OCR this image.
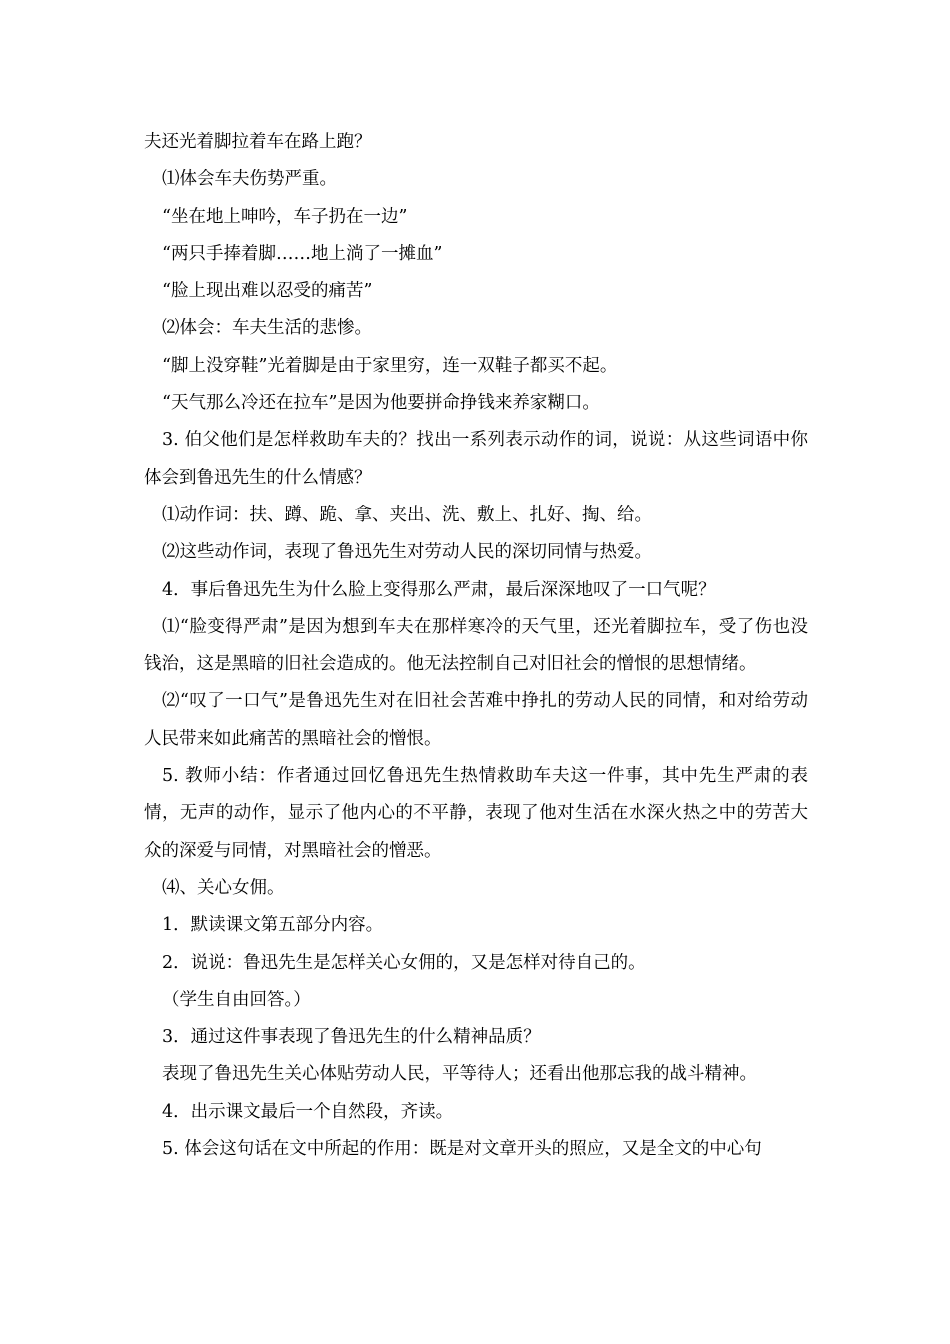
夫还光着脚拉着车在路上跑？

⑴体会车夫伤势严重。

“坐在地上呻吟，车子扔在一边”

“两只手捧着脚……地上淌了一摊血”

“脸上现出难以忍受的痛苦”

⑵体会：车夫生活的悲惨。

“脚上没穿鞋”光着脚是由于家里穷，连一双鞋子都买不起。

“天气那么冷还在拉车”是因为他要拼命挣钱来养家糊口。

3. 伯父他们是怎样救助车夫的？找出一系列表示动作的词，说说：从这些词语中你体会到鲁迅先生的什么情感？

⑴动作词：扶、蹲、跪、拿、夹出、洗、敷上、扎好、掏、给。

⑵这些动作词，表现了鲁迅先生对劳动人民的深切同情与热爱。

4．事后鲁迅先生为什么脸上变得那么严肃，最后深深地叹了一口气呢？

⑴“脸变得严肃”是因为想到车夫在那样寒冷的天气里，还光着脚拉车，受了伤也没钱治，这是黑暗的旧社会造成的。他无法控制自己对旧社会的憎恨的思想情绪。

⑵“叹了一口气”是鲁迅先生对在旧社会苦难中挣扎的劳动人民的同情，和对给劳动人民带来如此痛苦的黑暗社会的憎恨。

5. 教师小结：作者通过回忆鲁迅先生热情救助车夫这一件事，其中先生严肃的表情，无声的动作，显示了他内心的不平静，表现了他对生活在水深火热之中的劳苦大众的深爱与同情，对黑暗社会的憎恶。

⑷、关心女佣。

1．默读课文第五部分内容。

2．说说：鲁迅先生是怎样关心女佣的，又是怎样对待自己的。

（学生自由回答。）

3．通过这件事表现了鲁迅先生的什么精神品质？

表现了鲁迅先生关心体贴劳动人民，平等待人；还看出他那忘我的战斗精神。

4．出示课文最后一个自然段，齐读。

5. 体会这句话在文中所起的作用：既是对文章开头的照应，又是全文的中心句
